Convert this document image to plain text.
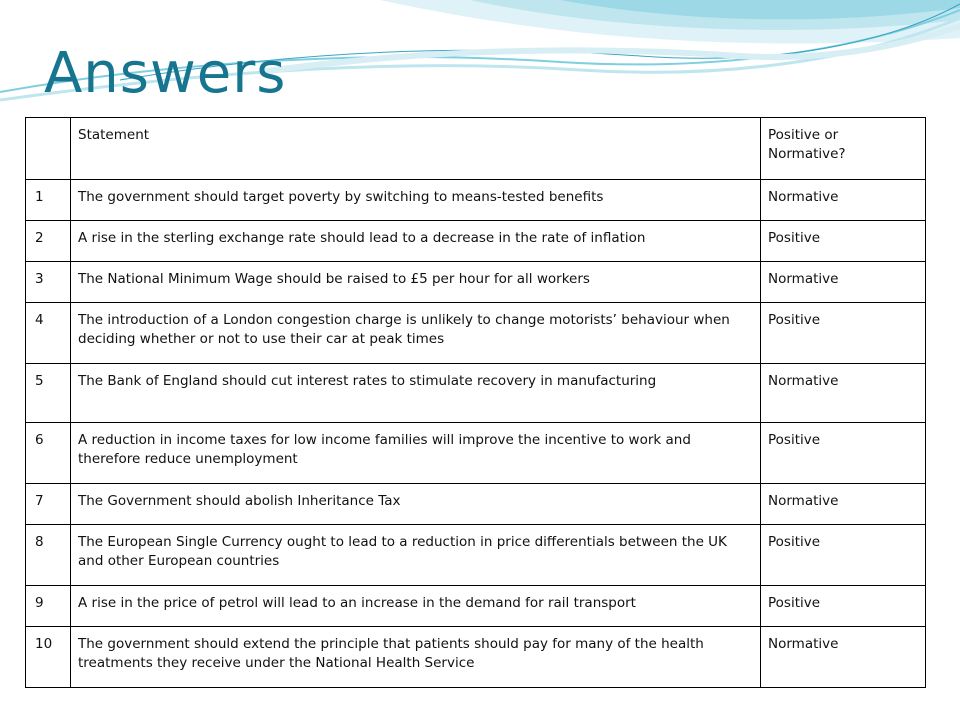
Answers
	Statement	Positive or Normative?
1	The government should target poverty by switching to means-tested benefits	Normative
2	A rise in the sterling exchange rate should lead to a decrease in the rate of inflation	Positive
3	The National Minimum Wage should be raised to £5 per hour for all workers	Normative
4	The introduction of a London congestion charge is unlikely to change motorists’ behaviour when deciding whether or not to use their car at peak times	Positive
5	The Bank of England should cut interest rates to stimulate recovery in manufacturing	Normative
6	A reduction in income taxes for low income families will improve the incentive to work and therefore reduce unemployment	Positive
7	The Government should abolish Inheritance Tax	Normative
8	The European Single Currency ought to lead to a reduction in price differentials between the UK and other European countries	Positive
9	A rise in the price of petrol will lead to an increase in the demand for rail transport	Positive
10	The government should extend the principle that patients should pay for many of the health treatments they receive under the National Health Service	Normative
